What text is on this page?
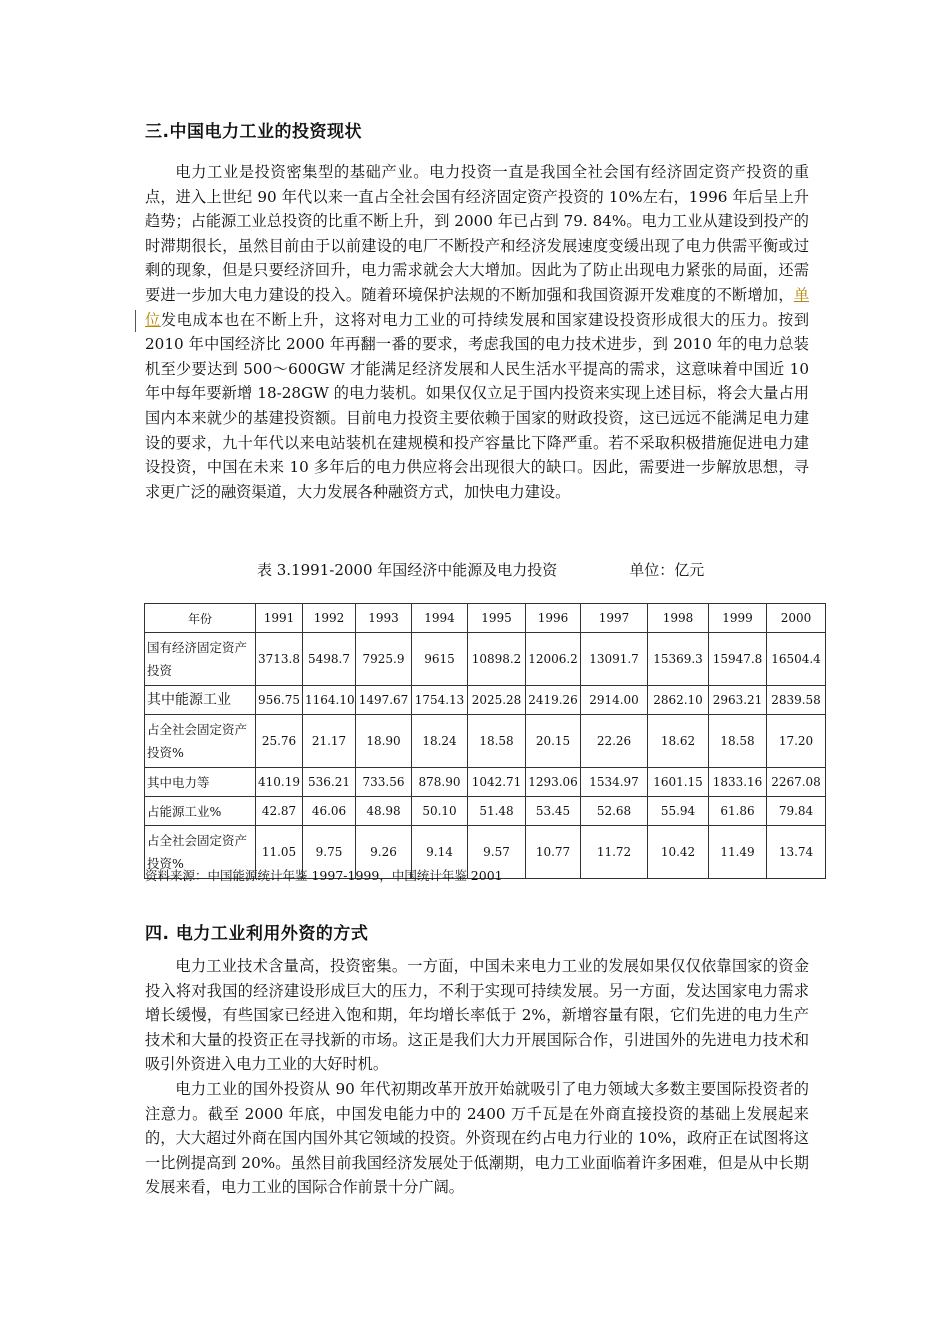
三.中国电力工业的投资现状

电力工业是投资密集型的基础产业。电力投资一直是我国全社会国有经济固定资产投资的重点，进入上世纪 90 年代以来一直占全社会国有经济固定资产投资的 10%左右，1996 年后呈上升趋势；占能源工业总投资的比重不断上升，到 2000 年已占到 79. 84%。电力工业从建设到投产的时滞期很长，虽然目前由于以前建设的电厂不断投产和经济发展速度变缓出现了电力供需平衡或过剩的现象，但是只要经济回升，电力需求就会大大增加。因此为了防止出现电力紧张的局面，还需要进一步加大电力建设的投入。随着环境保护法规的不断加强和我国资源开发难度的不断增加，单位发电成本也在不断上升，这将对电力工业的可持续发展和国家建设投资形成很大的压力。按到 2010 年中国经济比 2000 年再翻一番的要求，考虑我国的电力技术进步，到 2010 年的电力总装机至少要达到 500～600GW 才能满足经济发展和人民生活水平提高的需求，这意味着中国近 10 年中每年要新增 18-28GW 的电力装机。如果仅仅立足于国内投资来实现上述目标，将会大量占用国内本来就少的基建投资额。目前电力投资主要依赖于国家的财政投资，这已远远不能满足电力建设的要求，九十年代以来电站装机在建规模和投产容量比下降严重。若不采取积极措施促进电力建设投资，中国在未来 10 多年后的电力供应将会出现很大的缺口。因此，需要进一步解放思想，寻求更广泛的融资渠道，大力发展各种融资方式，加快电力建设。

表 3.1991-2000 年国经济中能源及电力投资	单位：亿元
年份	1991	1992	1993	1994	1995	1996	1997	1998	1999	2000
国有经济固定资产投资	3713.8	5498.7	7925.9	9615	10898.2	12006.2	13091.7	15369.3	15947.8	16504.4
其中能源工业	956.75	1164.10	1497.67	1754.13	2025.28	2419.26	2914.00	2862.10	2963.21	2839.58
占全社会固定资产投资%	25.76	21.17	18.90	18.24	18.58	20.15	22.26	18.62	18.58	17.20
其中电力等	410.19	536.21	733.56	878.90	1042.71	1293.06	1534.97	1601.15	1833.16	2267.08
占能源工业%	42.87	46.06	48.98	50.10	51.48	53.45	52.68	55.94	61.86	79.84
占全社会固定资产投资%	11.05	9.75	9.26	9.14	9.57	10.77	11.72	10.42	11.49	13.74
资料来源：中国能源统计年鉴 1997-1999，中国统计年鉴 2001
四. 电力工业利用外资的方式

电力工业技术含量高，投资密集。一方面，中国未来电力工业的发展如果仅仅依靠国家的资金投入将对我国的经济建设形成巨大的压力，不利于实现可持续发展。另一方面，发达国家电力需求增长缓慢，有些国家已经进入饱和期，年均增长率低于 2%，新增容量有限，它们先进的电力生产技术和大量的投资正在寻找新的市场。这正是我们大力开展国际合作，引进国外的先进电力技术和吸引外资进入电力工业的大好时机。

电力工业的国外投资从 90 年代初期改革开放开始就吸引了电力领域大多数主要国际投资者的注意力。截至 2000 年底，中国发电能力中的 2400 万千瓦是在外商直接投资的基础上发展起来的，大大超过外商在国内国外其它领域的投资。外资现在约占电力行业的 10%，政府正在试图将这一比例提高到 20%。虽然目前我国经济发展处于低潮期，电力工业面临着许多困难，但是从中长期发展来看，电力工业的国际合作前景十分广阔。
